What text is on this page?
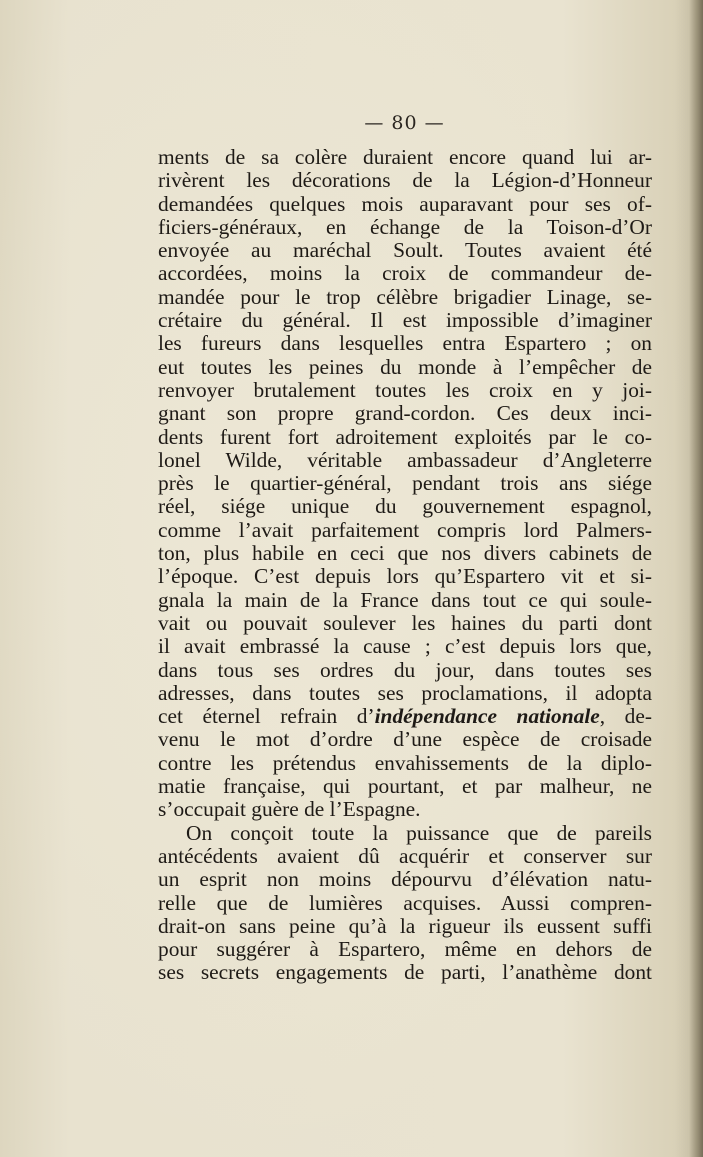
— 80 —
ments de sa colère duraient encore quand lui ar-
rivèrent les décorations de la Légion-d’Honneur
demandées quelques mois auparavant pour ses of-
ficiers-généraux, en échange de la Toison-d’Or
envoyée au maréchal Soult. Toutes avaient été
accordées, moins la croix de commandeur de-
mandée pour le trop célèbre brigadier Linage, se-
crétaire du général. Il est impossible d’imaginer
les fureurs dans lesquelles entra Espartero ; on
eut toutes les peines du monde à l’empêcher de
renvoyer brutalement toutes les croix en y joi-
gnant son propre grand-cordon. Ces deux inci-
dents furent fort adroitement exploités par le co-
lonel Wilde, véritable ambassadeur d’Angleterre
près le quartier-général, pendant trois ans siége
réel, siége unique du gouvernement espagnol,
comme l’avait parfaitement compris lord Palmers-
ton, plus habile en ceci que nos divers cabinets de
l’époque. C’est depuis lors qu’Espartero vit et si-
gnala la main de la France dans tout ce qui soule-
vait ou pouvait soulever les haines du parti dont
il avait embrassé la cause ; c’est depuis lors que,
dans tous ses ordres du jour, dans toutes ses
adresses, dans toutes ses proclamations, il adopta
cet éternel refrain d’indépendance nationale, de-
venu le mot d’ordre d’une espèce de croisade
contre les prétendus envahissements de la diplo-
matie française, qui pourtant, et par malheur, ne
s’occupait guère de l’Espagne.
On conçoit toute la puissance que de pareils
antécédents avaient dû acquérir et conserver sur
un esprit non moins dépourvu d’élévation natu-
relle que de lumières acquises. Aussi compren-
drait-on sans peine qu’à la rigueur ils eussent suffi
pour suggérer à Espartero, même en dehors de
ses secrets engagements de parti, l’anathème dont
